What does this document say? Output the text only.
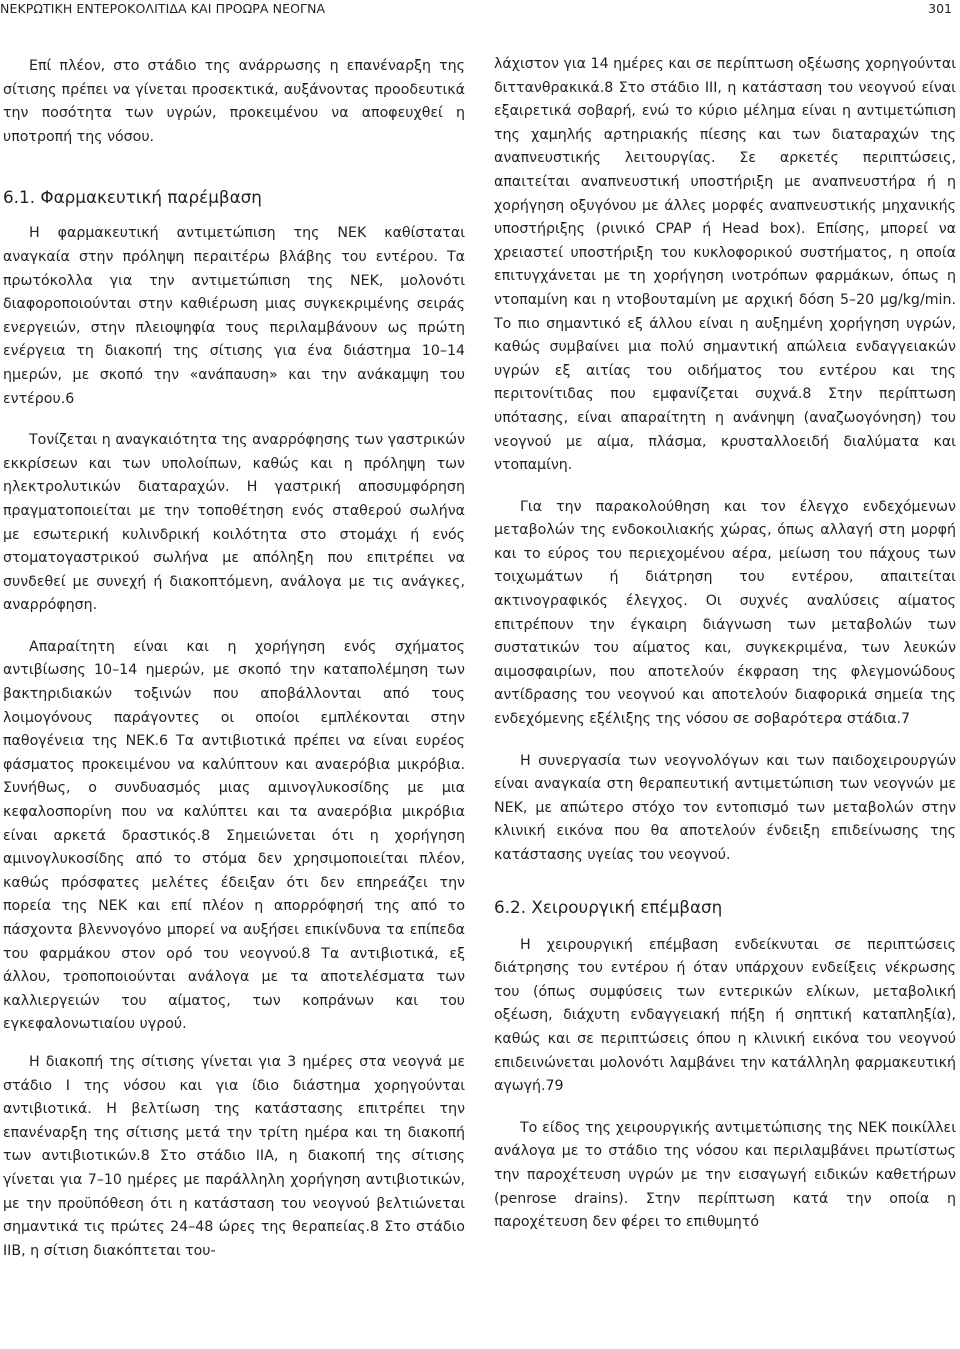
ΝΕΚΡΩΤΙΚΗ ΕΝΤΕΡΟΚΟΛΙΤΙΔΑ ΚΑΙ ΠΡΟΩΡΑ ΝΕΟΓΝΑ	301

Επί πλέον, στο στάδιο της ανάρρωσης η επανέναρξη της σίτισης πρέπει να γίνεται προσεκτικά, αυξάνοντας προοδευτικά την ποσότητα των υγρών, προκειμένου να αποφευχθεί η υποτροπή της νόσου.

6.1. Φαρμακευτική παρέμβαση

Η φαρμακευτική αντιμετώπιση της ΝΕΚ καθίσταται αναγκαία στην πρόληψη περαιτέρω βλάβης του εντέρου. Τα πρωτόκολλα για την αντιμετώπιση της ΝΕΚ, μολονότι διαφοροποιούνται στην καθιέρωση μιας συγκεκριμένης σειράς ενεργειών, στην πλειοψηφία τους περιλαμβάνουν ως πρώτη ενέργεια τη διακοπή της σίτισης για ένα διάστημα 10–14 ημερών, με σκοπό την «ανάπαυση» και την ανάκαμψη του εντέρου.6

Τονίζεται η αναγκαιότητα της αναρρόφησης των γαστρικών εκκρίσεων και των υπολοίπων, καθώς και η πρόληψη των ηλεκτρολυτικών διαταραχών. Η γαστρική αποσυμφόρηση πραγματοποιείται με την τοποθέτηση ενός σταθερού σωλήνα με εσωτερική κυλινδρική κοιλότητα στο στομάχι ή ενός στοματογαστρικού σωλήνα με απόληξη που επιτρέπει να συνδεθεί με συνεχή ή διακοπτόμενη, ανάλογα με τις ανάγκες, αναρρόφηση.

Απαραίτητη είναι και η χορήγηση ενός σχήματος αντιβίωσης 10–14 ημερών, με σκοπό την καταπολέμηση των βακτηριδιακών τοξινών που αποβάλλονται από τους λοιμογόνους παράγοντες οι οποίοι εμπλέκονται στην παθογένεια της ΝΕΚ.6 Τα αντιβιοτικά πρέπει να είναι ευρέος φάσματος προκειμένου να καλύπτουν και αναερόβια μικρόβια. Συνήθως, ο συνδυασμός μιας αμινογλυκοσίδης με μια κεφαλοσπορίνη που να καλύπτει και τα αναερόβια μικρόβια είναι αρκετά δραστικός.8 Σημειώνεται ότι η χορήγηση αμινογλυκοσίδης από το στόμα δεν χρησιμοποιείται πλέον, καθώς πρόσφατες μελέτες έδειξαν ότι δεν επηρεάζει την πορεία της ΝΕΚ και επί πλέον η απορρόφησή της από το πάσχοντα βλεννογόνο μπορεί να αυξήσει επικίνδυνα τα επίπεδα του φαρμάκου στον ορό του νεογνού.8 Τα αντιβιοτικά, εξ άλλου, τροποποιούνται ανάλογα με τα αποτελέσματα των καλλιεργειών του αίματος, των κοπράνων και του εγκεφαλονωτιαίου υγρού.

Η διακοπή της σίτισης γίνεται για 3 ημέρες στα νεογνά με στάδιο I της νόσου και για ίδιο διάστημα χορηγούνται αντιβιοτικά. Η βελτίωση της κατάστασης επιτρέπει την επανέναρξη της σίτισης μετά την τρίτη ημέρα και τη διακοπή των αντιβιοτικών.8 Στο στάδιο IIA, η διακοπή της σίτισης γίνεται για 7–10 ημέρες με παράλληλη χορήγηση αντιβιοτικών, με την προϋπόθεση ότι η κατάσταση του νεογνού βελτιώνεται σημαντικά τις πρώτες 24–48 ώρες της θεραπείας.8 Στο στάδιο IIB, η σίτιση διακόπτεται του-

λάχιστον για 14 ημέρες και σε περίπτωση οξέωσης χορηγούνται διττανθρακικά.8 Στο στάδιο III, η κατάσταση του νεογνού είναι εξαιρετικά σοβαρή, ενώ το κύριο μέλημα είναι η αντιμετώπιση της χαμηλής αρτηριακής πίεσης και των διαταραχών της αναπνευστικής λειτουργίας. Σε αρκετές περιπτώσεις, απαιτείται αναπνευστική υποστήριξη με αναπνευστήρα ή η χορήγηση οξυγόνου με άλλες μορφές αναπνευστικής μηχανικής υποστήριξης (ρινικό CPAP ή Head box). Επίσης, μπορεί να χρειαστεί υποστήριξη του κυκλοφορικού συστήματος, η οποία επιτυγχάνεται με τη χορήγηση ινοτρόπων φαρμάκων, όπως η ντοπαμίνη και η ντοβουταμίνη με αρχική δόση 5–20 μg/kg/min. Το πιο σημαντικό εξ άλλου είναι η αυξημένη χορήγηση υγρών, καθώς συμβαίνει μια πολύ σημαντική απώλεια ενδαγγειακών υγρών εξ αιτίας του οιδήματος του εντέρου και της περιτονίτιδας που εμφανίζεται συχνά.8 Στην περίπτωση υπότασης, είναι απαραίτητη η ανάνηψη (αναζωογόνηση) του νεογνού με αίμα, πλάσμα, κρυσταλλοειδή διαλύματα και ντοπαμίνη.

Για την παρακολούθηση και τον έλεγχο ενδεχόμενων μεταβολών της ενδοκοιλιακής χώρας, όπως αλλαγή στη μορφή και το εύρος του περιεχομένου αέρα, μείωση του πάχους των τοιχωμάτων ή διάτρηση του εντέρου, απαιτείται ακτινογραφικός έλεγχος. Οι συχνές αναλύσεις αίματος επιτρέπουν την έγκαιρη διάγνωση των μεταβολών των συστατικών του αίματος και, συγκεκριμένα, των λευκών αιμοσφαιρίων, που αποτελούν έκφραση της φλεγμονώδους αντίδρασης του νεογνού και αποτελούν διαφορικά σημεία της ενδεχόμενης εξέλιξης της νόσου σε σοβαρότερα στάδια.7

Η συνεργασία των νεογνολόγων και των παιδοχειρουργών είναι αναγκαία στη θεραπευτική αντιμετώπιση των νεογνών με ΝΕΚ, με απώτερο στόχο τον εντοπισμό των μεταβολών στην κλινική εικόνα που θα αποτελούν ένδειξη επιδείνωσης της κατάστασης υγείας του νεογνού.

6.2. Χειρουργική επέμβαση

Η χειρουργική επέμβαση ενδείκνυται σε περιπτώσεις διάτρησης του εντέρου ή όταν υπάρχουν ενδείξεις νέκρωσης του (όπως συμφύσεις των εντερικών ελίκων, μεταβολική οξέωση, διάχυτη ενδαγγειακή πήξη ή σηπτική καταπληξία), καθώς και σε περιπτώσεις όπου η κλινική εικόνα του νεογνού επιδεινώνεται μολονότι λαμβάνει την κατάλληλη φαρμακευτική αγωγή.79

Το είδος της χειρουργικής αντιμετώπισης της ΝΕΚ ποικίλλει ανάλογα με το στάδιο της νόσου και περιλαμβάνει πρωτίστως την παροχέτευση υγρών με την εισαγωγή ειδικών καθετήρων (penrose drains). Στην περίπτωση κατά την οποία η παροχέτευση δεν φέρει το επιθυμητό
